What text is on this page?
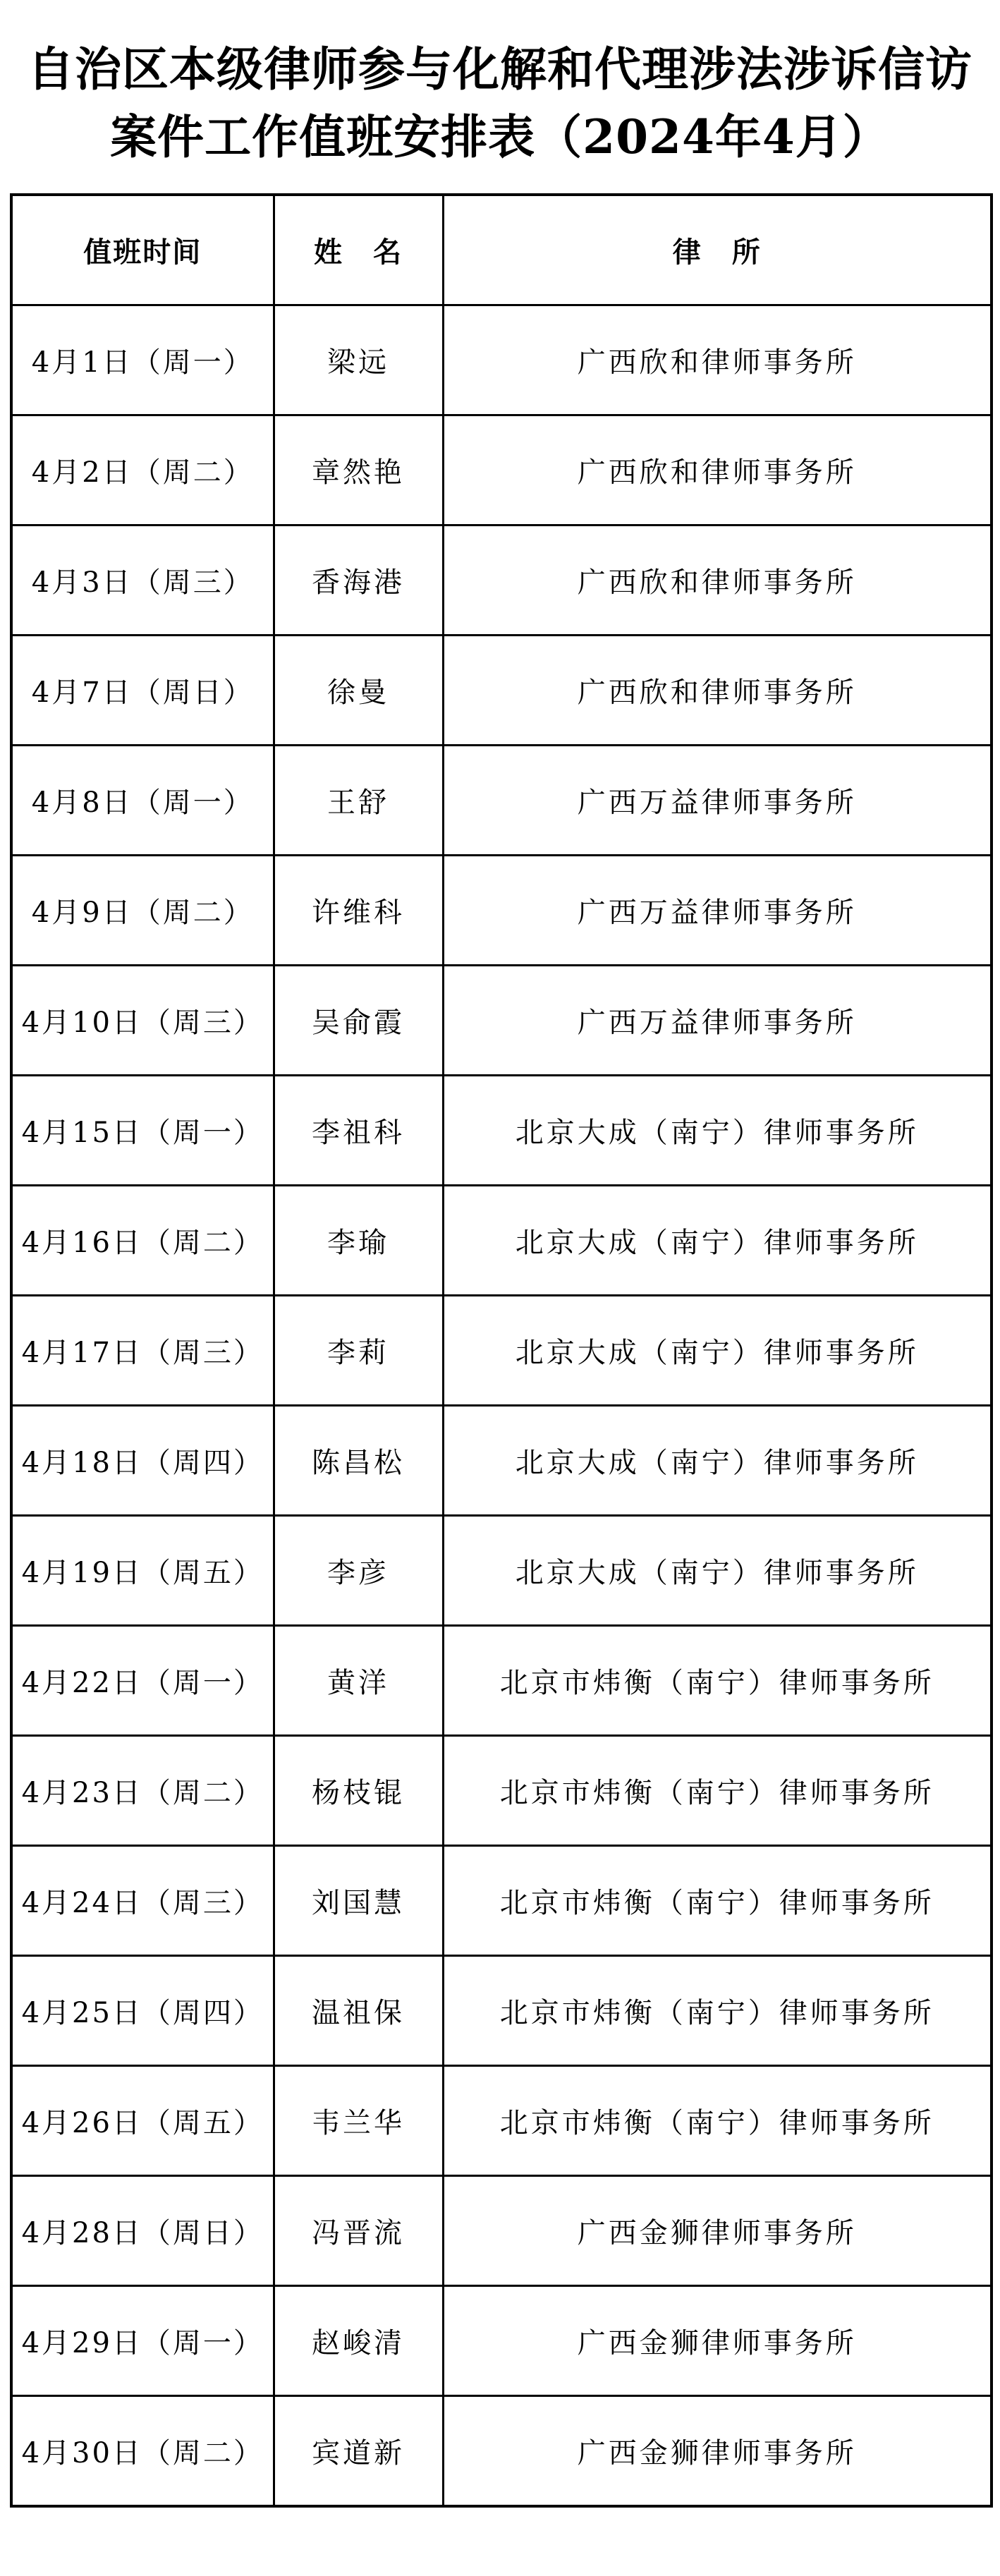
自治区本级律师参与化解和代理涉法涉诉信访
案件工作值班安排表（2024年4月）
值班时间	姓　名	律　所
4月1日（周一）	梁远	广西欣和律师事务所
4月2日（周二）	章然艳	广西欣和律师事务所
4月3日（周三）	香海港	广西欣和律师事务所
4月7日（周日）	徐曼	广西欣和律师事务所
4月8日（周一）	王舒	广西万益律师事务所
4月9日（周二）	许维科	广西万益律师事务所
4月10日（周三）	吴俞霞	广西万益律师事务所
4月15日（周一）	李祖科	北京大成（南宁）律师事务所
4月16日（周二）	李瑜	北京大成（南宁）律师事务所
4月17日（周三）	李莉	北京大成（南宁）律师事务所
4月18日（周四）	陈昌松	北京大成（南宁）律师事务所
4月19日（周五）	李彦	北京大成（南宁）律师事务所
4月22日（周一）	黄洋	北京市炜衡（南宁）律师事务所
4月23日（周二）	杨枝锟	北京市炜衡（南宁）律师事务所
4月24日（周三）	刘国慧	北京市炜衡（南宁）律师事务所
4月25日（周四）	温祖保	北京市炜衡（南宁）律师事务所
4月26日（周五）	韦兰华	北京市炜衡（南宁）律师事务所
4月28日（周日）	冯晋流	广西金狮律师事务所
4月29日（周一）	赵峻清	广西金狮律师事务所
4月30日（周二）	宾道新	广西金狮律师事务所
